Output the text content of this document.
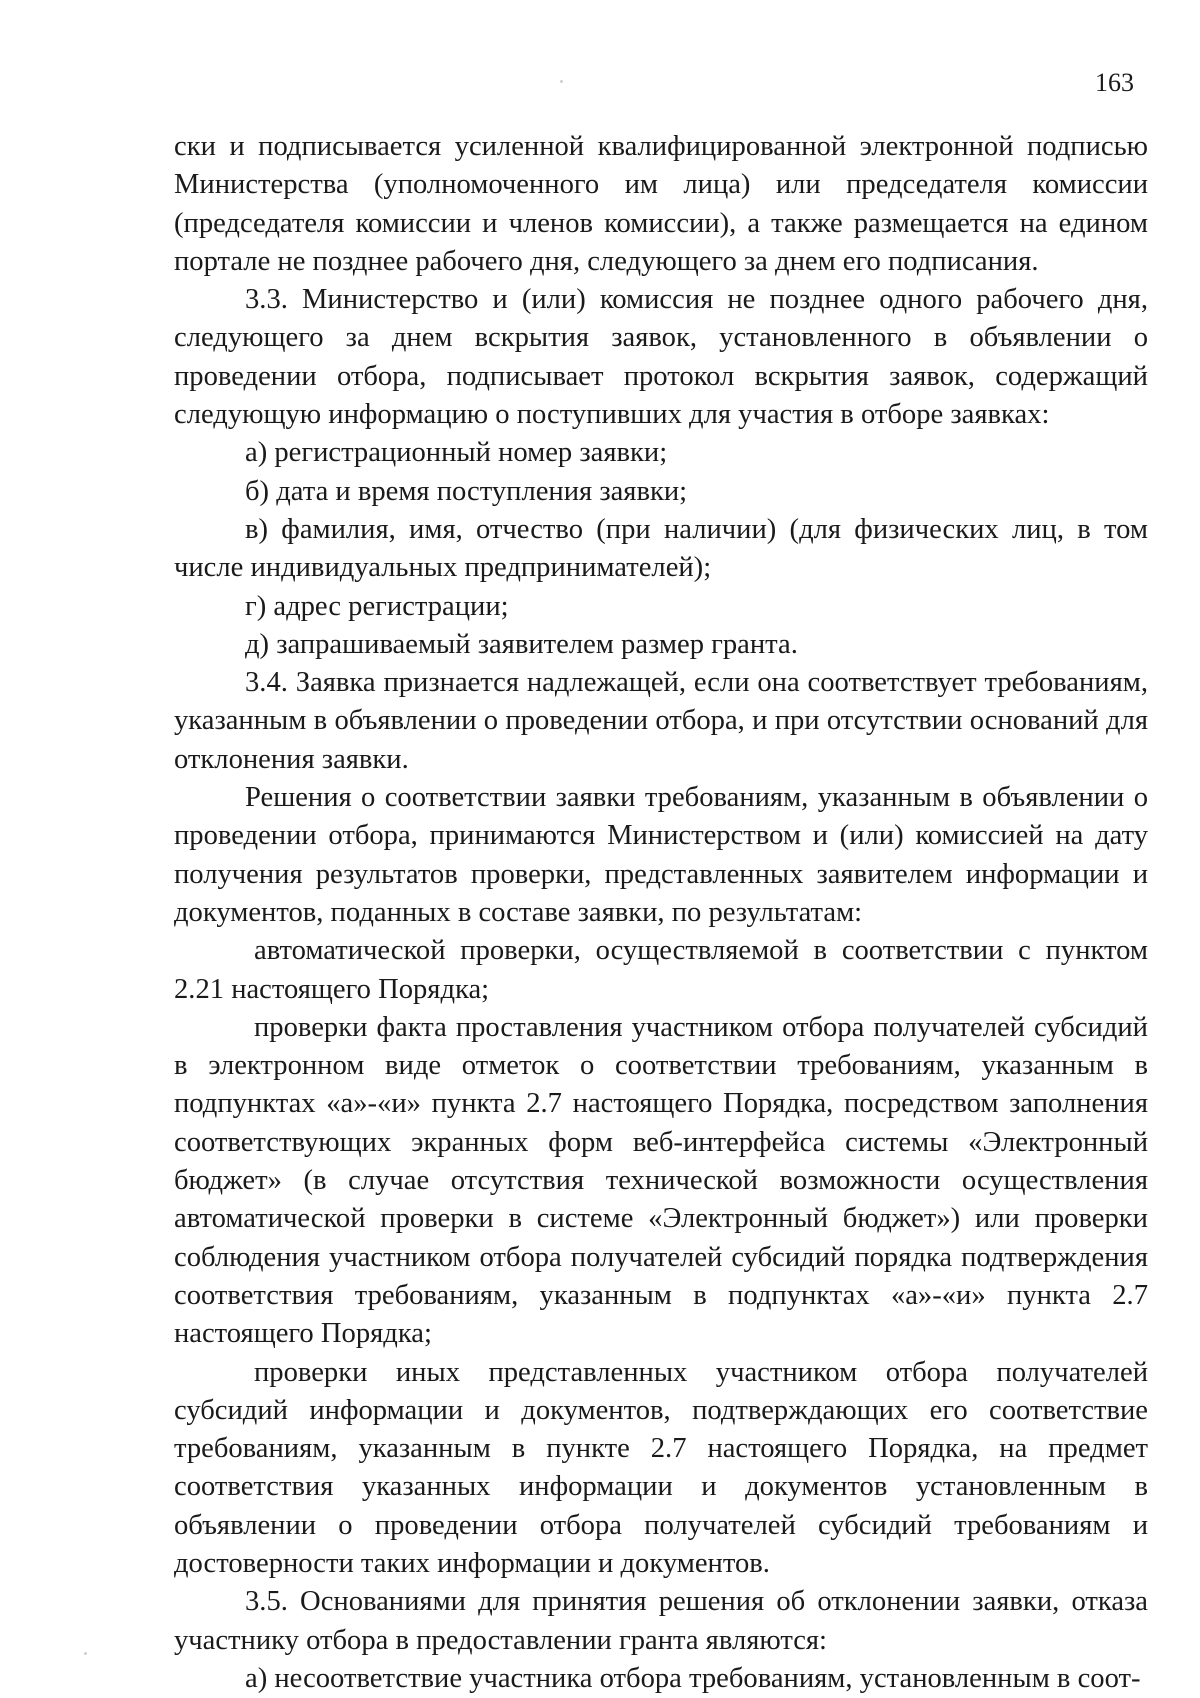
163

ски и подписывается усиленной квалифицированной электронной подписью Министерства (уполномоченного им лица) или председателя комиссии (председателя комиссии и членов комиссии), а также размещается на едином портале не позднее рабочего дня, следующего за днем его подписания.

3.3. Министерство и (или) комиссия не позднее одного рабочего дня, следующего за днем вскрытия заявок, установленного в объявлении о проведении отбора, подписывает протокол вскрытия заявок, содержащий следующую информацию о поступивших для участия в отборе заявках:

а) регистрационный номер заявки;

б) дата и время поступления заявки;

в) фамилия, имя, отчество (при наличии) (для физических лиц, в том числе индивидуальных предпринимателей);

г) адрес регистрации;

д) запрашиваемый заявителем размер гранта.

3.4. Заявка признается надлежащей, если она соответствует требованиям, указанным в объявлении о проведении отбора, и при отсутствии оснований для отклонения заявки.

Решения о соответствии заявки требованиям, указанным в объявлении о проведении отбора, принимаются Министерством и (или) комиссией на дату получения результатов проверки, представленных заявителем информации и документов, поданных в составе заявки, по результатам:

автоматической проверки, осуществляемой в соответствии с пунктом 2.21 настоящего Порядка;

проверки факта проставления участником отбора получателей субсидий в электронном виде отметок о соответствии требованиям, указанным в подпунктах «а»-«и» пункта 2.7 настоящего Порядка, посредством заполнения соответствующих экранных форм веб-интерфейса системы «Электронный бюджет» (в случае отсутствия технической возможности осуществления автоматической проверки в системе «Электронный бюджет») или проверки соблюдения участником отбора получателей субсидий порядка подтверждения соответствия требованиям, указанным в подпунктах «а»-«и» пункта 2.7 настоящего Порядка;

проверки иных представленных участником отбора получателей субсидий информации и документов, подтверждающих его соответствие требованиям, указанным в пункте 2.7 настоящего Порядка, на предмет соответствия указанных информации и документов установленным в объявлении о проведении отбора получателей субсидий требованиям и достоверности таких информации и документов.

3.5. Основаниями для принятия решения об отклонении заявки, отказа участнику отбора в предоставлении гранта являются:

а) несоответствие участника отбора требованиям, установленным в соот-
